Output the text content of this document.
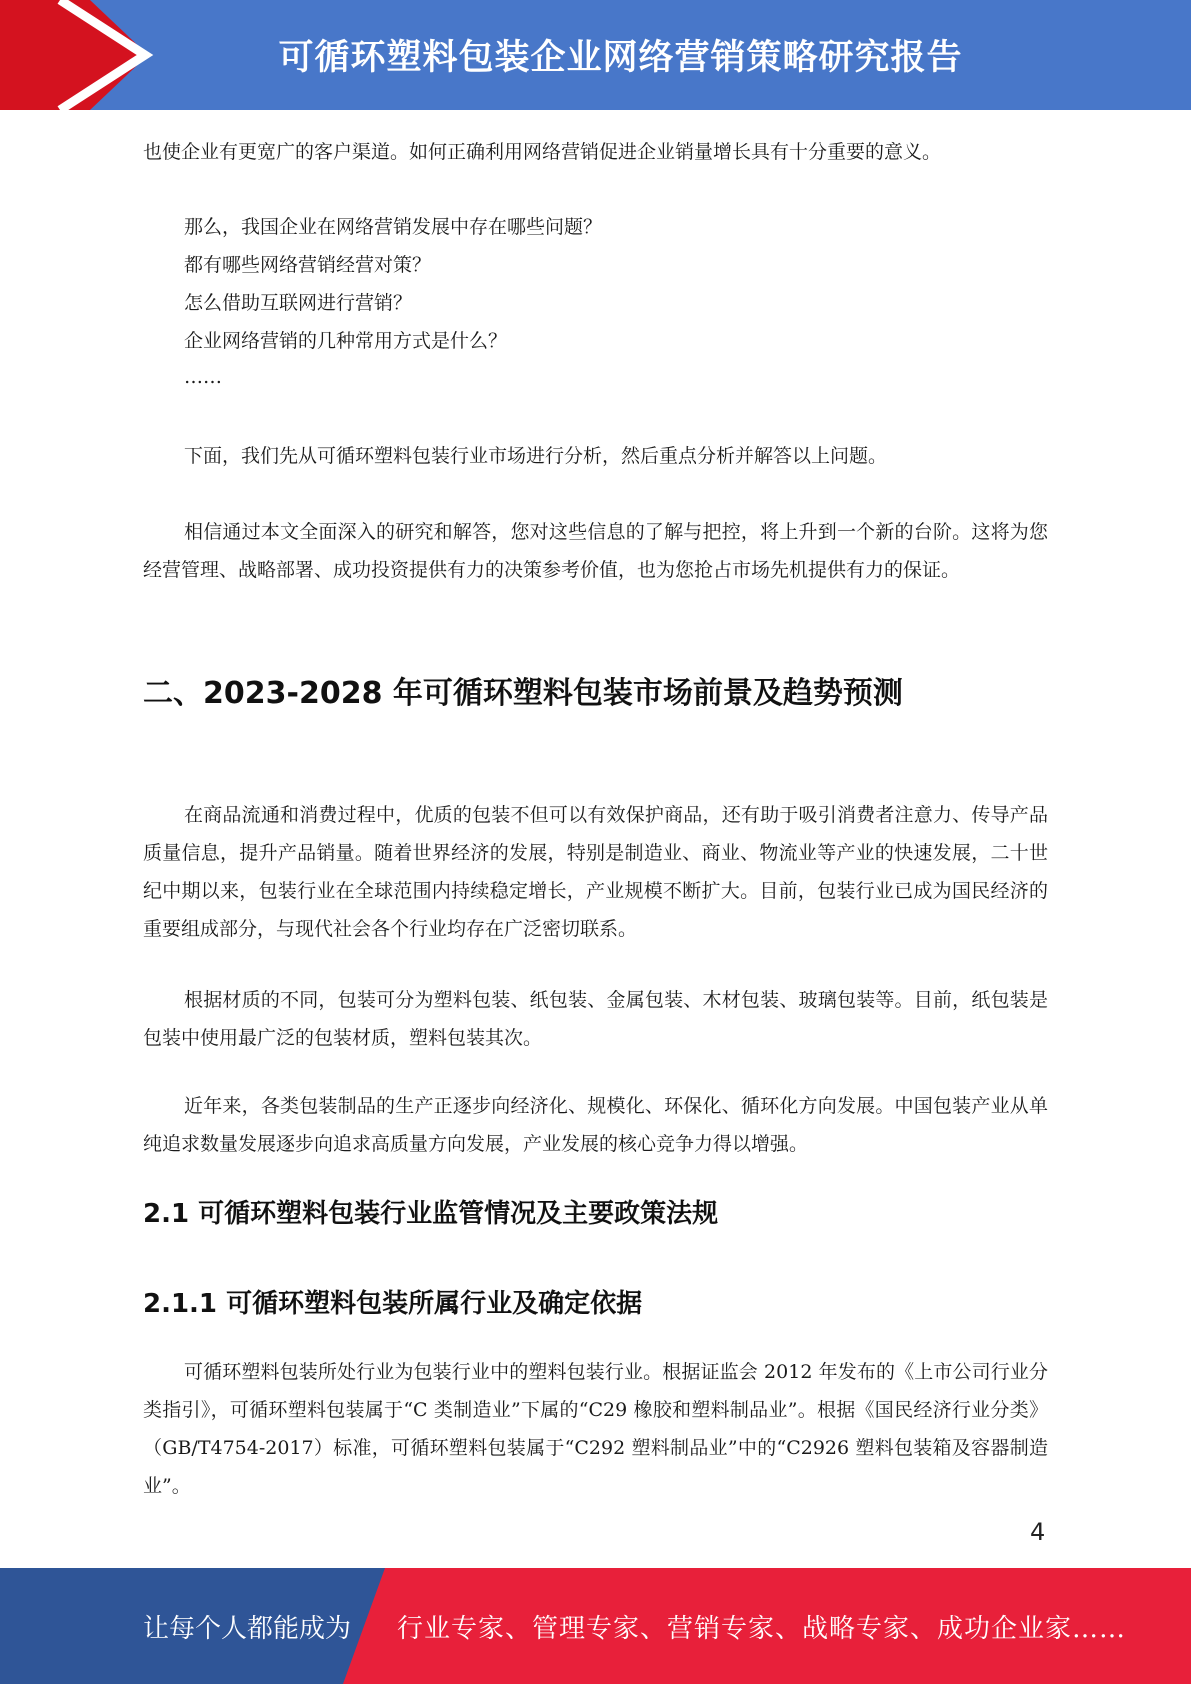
可循环塑料包装企业网络营销策略研究报告

也使企业有更宽广的客户渠道。如何正确利用网络营销促进企业销量增长具有十分重要的意义。

那么，我国企业在网络营销发展中存在哪些问题？

都有哪些网络营销经营对策？

怎么借助互联网进行营销？

企业网络营销的几种常用方式是什么？

……

下面，我们先从可循环塑料包装行业市场进行分析，然后重点分析并解答以上问题。

相信通过本文全面深入的研究和解答，您对这些信息的了解与把控，将上升到一个新的台阶。这将为您经营管理、战略部署、成功投资提供有力的决策参考价值，也为您抢占市场先机提供有力的保证。

二、2023-2028 年可循环塑料包装市场前景及趋势预测

在商品流通和消费过程中，优质的包装不但可以有效保护商品，还有助于吸引消费者注意力、传导产品质量信息，提升产品销量。随着世界经济的发展，特别是制造业、商业、物流业等产业的快速发展，二十世纪中期以来，包装行业在全球范围内持续稳定增长，产业规模不断扩大。目前，包装行业已成为国民经济的重要组成部分，与现代社会各个行业均存在广泛密切联系。

根据材质的不同，包装可分为塑料包装、纸包装、金属包装、木材包装、玻璃包装等。目前，纸包装是包装中使用最广泛的包装材质，塑料包装其次。

近年来，各类包装制品的生产正逐步向经济化、规模化、环保化、循环化方向发展。中国包装产业从单纯追求数量发展逐步向追求高质量方向发展，产业发展的核心竞争力得以增强。

2.1 可循环塑料包装行业监管情况及主要政策法规
2.1.1 可循环塑料包装所属行业及确定依据

可循环塑料包装所处行业为包装行业中的塑料包装行业。根据证监会 2012 年发布的《上市公司行业分类指引》，可循环塑料包装属于“C 类制造业”下属的“C29 橡胶和塑料制品业”。根据《国民经济行业分类》（GB/T4754-2017）标准，可循环塑料包装属于“C292 塑料制品业”中的“C2926 塑料包装箱及容器制造业”。

4
让每个人都能成为 行业专家、管理专家、营销专家、战略专家、成功企业家……
